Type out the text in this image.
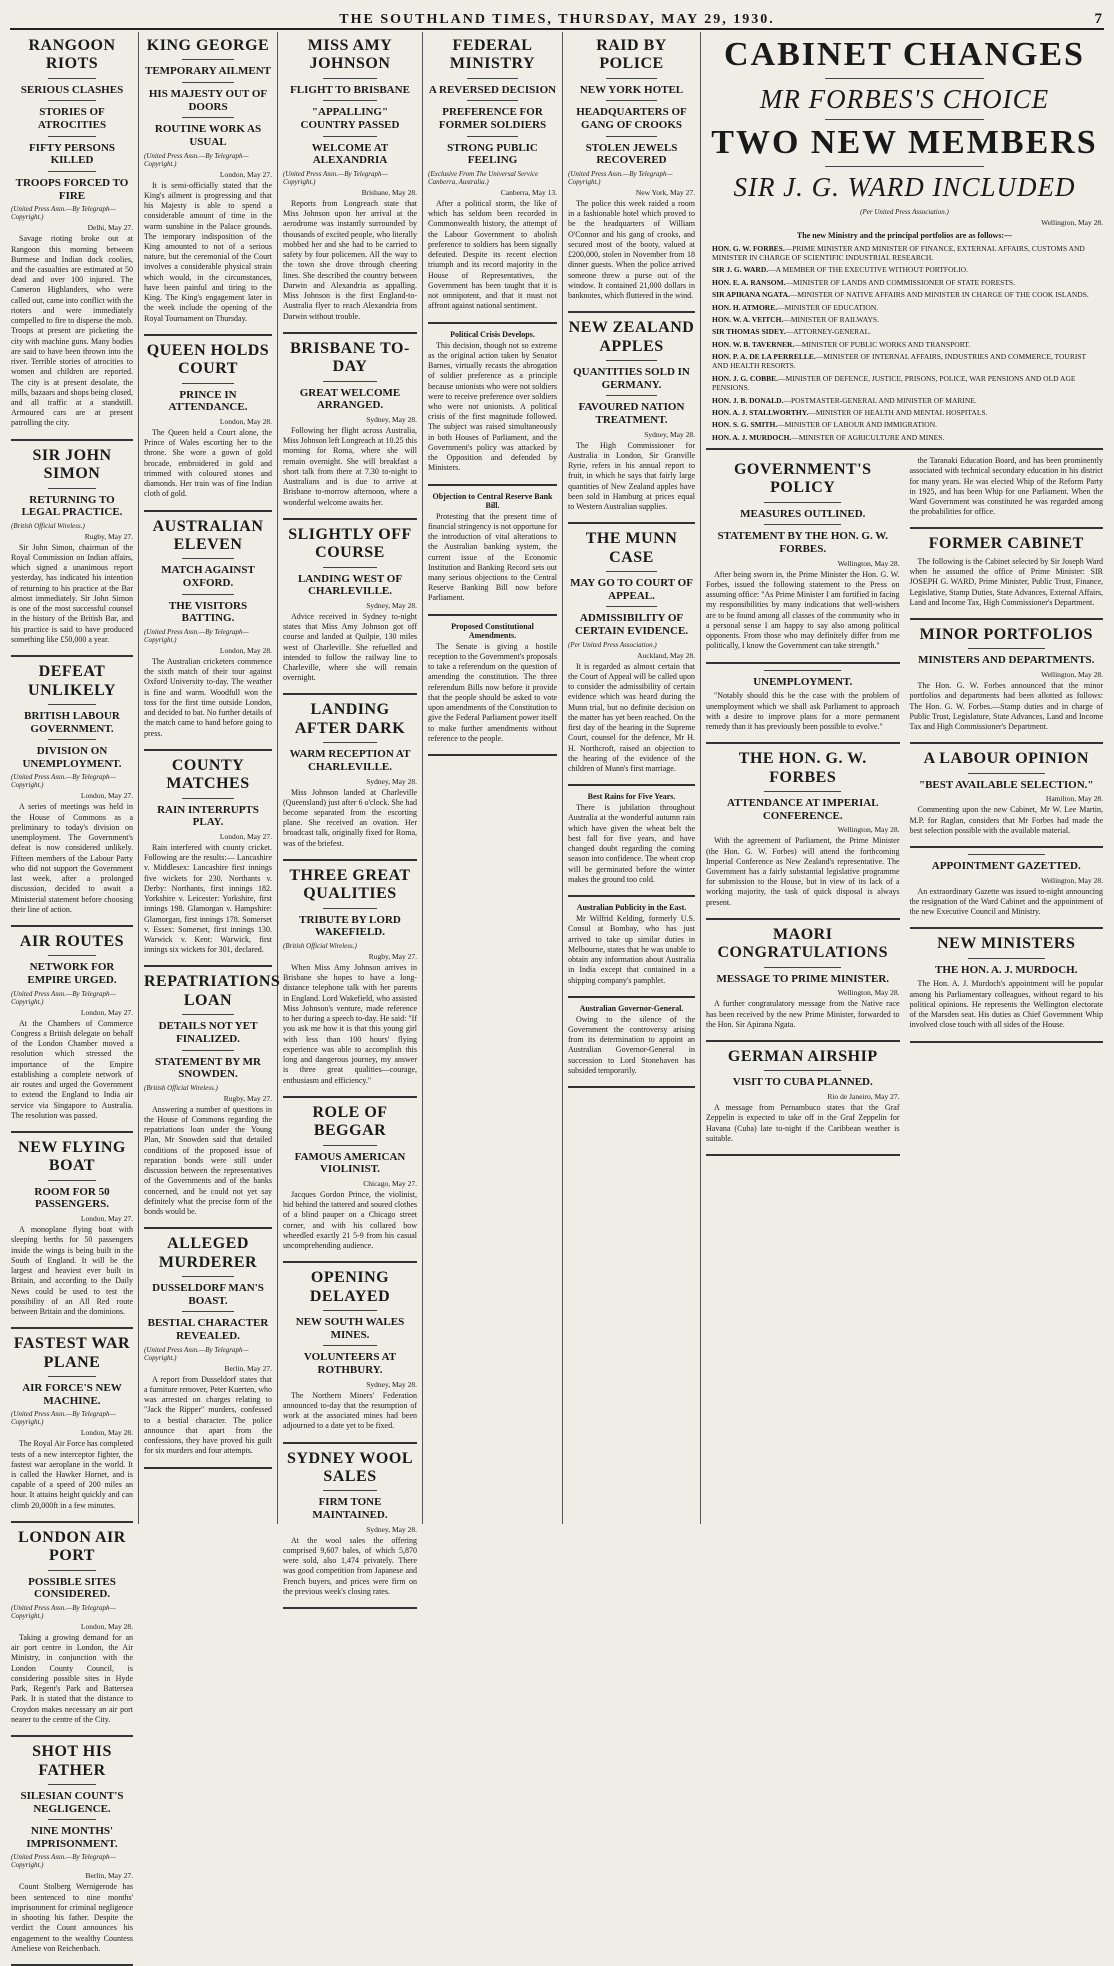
THE SOUTHLAND TIMES, THURSDAY, MAY 29, 1930.	7
RANGOON RIOTS
SERIOUS CLASHES
STORIES OF ATROCITIES
FIFTY PERSONS KILLED
TROOPS FORCED TO FIRE
(United Press Assn.—By Telegraph—Copyright.)
Delhi, May 27.

Savage rioting broke out at Rangoon this morning between Burmese and Indian dock coolies, and the casualties are estimated at 50 dead and over 100 injured. The Cameron Highlanders, who were called out, came into conflict with the rioters and were immediately compelled to fire to disperse the mob. Troops at present are picketing the city with machine guns. Many bodies are said to have been thrown into the river. Terrible stories of atrocities to women and children are reported. The city is at present desolate, the mills, bazaars and shops being closed, and all traffic at a standstill. Armoured cars are at present patrolling the city.

SIR JOHN SIMON
RETURNING TO LEGAL PRACTICE.
(British Official Wireless.)
Rugby, May 27.

Sir John Simon, chairman of the Royal Commission on Indian affairs, which signed a unanimous report yesterday, has indicated his intention of returning to his practice at the Bar almost immediately. Sir John Simon is one of the most successful counsel in the history of the British Bar, and his practice is said to have produced something like £50,000 a year.

DEFEAT UNLIKELY
BRITISH LABOUR GOVERNMENT.
DIVISION ON UNEMPLOYMENT.
(United Press Assn.—By Telegraph—Copyright.)
London, May 27.

A series of meetings was held in the House of Commons as a preliminary to today's division on unemployment. The Government's defeat is now considered unlikely. Fifteen members of the Labour Party who did not support the Government last week, after a prolonged discussion, decided to await a Ministerial statement before choosing their line of action.

AIR ROUTES
NETWORK FOR EMPIRE URGED.
(United Press Assn.—By Telegraph—Copyright.)
London, May 27.

At the Chambers of Commerce Congress a British delegate on behalf of the London Chamber moved a resolution which stressed the importance of the Empire establishing a complete network of air routes and urged the Government to extend the England to India air service via Singapore to Australia. The resolution was passed.

NEW FLYING BOAT
ROOM FOR 50 PASSENGERS.
London, May 27.

A monoplane flying boat with sleeping berths for 50 passengers inside the wings is being built in the South of England. It will be the largest and heaviest ever built in Britain, and according to the Daily News could be used to test the possibility of an All Red route between Britain and the dominions.

FASTEST WAR PLANE
AIR FORCE'S NEW MACHINE.
(United Press Assn.—By Telegraph—Copyright.)
London, May 28.

The Royal Air Force has completed tests of a new interceptor fighter, the fastest war aeroplane in the world. It is called the Hawker Hornet, and is capable of a speed of 200 miles an hour. It attains height quickly and can climb 20,000ft in a few minutes.

LONDON AIR PORT
POSSIBLE SITES CONSIDERED.
(United Press Assn.—By Telegraph—Copyright.)
London, May 28.

Taking a growing demand for an air port centre in London, the Air Ministry, in conjunction with the London County Council, is considering possible sites in Hyde Park, Regent's Park and Battersea Park. It is stated that the distance to Croydon makes necessary an air port nearer to the centre of the City.

SHOT HIS FATHER
SILESIAN COUNT'S NEGLIGENCE.
NINE MONTHS' IMPRISONMENT.
(United Press Assn.—By Telegraph—Copyright.)
Berlin, May 27.

Count Stolberg Wernigerode has been sentenced to nine months' imprisonment for criminal negligence in shooting his father. Despite the verdict the Count announces his engagement to the wealthy Countess Ameliese von Reichenbach.

KING GEORGE
TEMPORARY AILMENT
HIS MAJESTY OUT OF DOORS
ROUTINE WORK AS USUAL
(United Press Assn.—By Telegraph—Copyright.)
London, May 27.

It is semi-officially stated that the King's ailment is progressing and that his Majesty is able to spend a considerable amount of time in the warm sunshine in the Palace grounds. The temporary indisposition of the King amounted to not of a serious nature, but the ceremonial of the Court involves a considerable physical strain which would, in the circumstances, have been painful and tiring to the King. The King's engagement later in the week include the opening of the Royal Tournament on Thursday.

QUEEN HOLDS COURT
PRINCE IN ATTENDANCE.
London, May 28.

The Queen held a Court alone, the Prince of Wales escorting her to the throne. She wore a gown of gold brocade, embroidered in gold and trimmed with coloured stones and diamonds. Her train was of fine Indian cloth of gold.

AUSTRALIAN ELEVEN
MATCH AGAINST OXFORD.
THE VISITORS BATTING.
(United Press Assn.—By Telegraph—Copyright.)
London, May 28.

The Australian cricketers commence the sixth match of their tour against Oxford University to-day. The weather is fine and warm. Woodfull won the toss for the first time outside London, and decided to bat. No further details of the match came to hand before going to press.

COUNTY MATCHES
RAIN INTERRUPTS PLAY.
London, May 27.

Rain interfered with county cricket. Following are the results:— Lancashire v. Middlesex: Lancashire first innings five wickets for 230. Northants v. Derby: Northants, first innings 182. Yorkshire v. Leicester: Yorkshire, first innings 198. Glamorgan v. Hampshire: Glamorgan, first innings 178. Somerset v. Essex: Somerset, first innings 130. Warwick v. Kent: Warwick, first innings six wickets for 301, declared.

REPATRIATIONS LOAN
DETAILS NOT YET FINALIZED.
STATEMENT BY MR SNOWDEN.
(British Official Wireless.)
Rugby, May 27.

Answering a number of questions in the House of Commons regarding the repatriations loan under the Young Plan, Mr Snowden said that detailed conditions of the proposed issue of reparation bonds were still under discussion between the representatives of the Governments and of the banks concerned, and he could not yet say definitely what the precise form of the bonds would be.

ALLEGED MURDERER
DUSSELDORF MAN'S BOAST.
BESTIAL CHARACTER REVEALED.
(United Press Assn.—By Telegraph—Copyright.)
Berlin, May 27.

A report from Dusseldorf states that a furniture remover, Peter Kuerten, who was arrested on charges relating to "Jack the Ripper" murders, confessed to a bestial character. The police announce that apart from the confessions, they have proved his guilt for six murders and four attempts.

MISS AMY JOHNSON
FLIGHT TO BRISBANE
"APPALLING" COUNTRY PASSED
WELCOME AT ALEXANDRIA
(United Press Assn.—By Telegraph—Copyright.)
Brisbane, May 28.

Reports from Longreach state that Miss Johnson upon her arrival at the aerodrome was instantly surrounded by thousands of excited people, who literally mobbed her and she had to be carried to safety by four policemen. All the way to the town she drove through cheering lines. She described the country between Darwin and Alexandria as appalling. Miss Johnson is the first England-to-Australia flyer to reach Alexandria from Darwin without trouble.

BRISBANE TO-DAY
GREAT WELCOME ARRANGED.
Sydney, May 28.

Following her flight across Australia, Miss Johnson left Longreach at 10.25 this morning for Roma, where she will remain overnight. She will breakfast a short talk from there at 7.30 to-night to Australians and is due to arrive at Brisbane to-morrow afternoon, where a wonderful welcome awaits her.

SLIGHTLY OFF COURSE
LANDING WEST OF CHARLEVILLE.
Sydney, May 28.

Advice received in Sydney to-night states that Miss Amy Johnson got off course and landed at Quilpie, 130 miles west of Charleville. She refuelled and intended to follow the railway line to Charleville, where she will remain overnight.

LANDING AFTER DARK
WARM RECEPTION AT CHARLEVILLE.
Sydney, May 28.

Miss Johnson landed at Charleville (Queensland) just after 6 o'clock. She had become separated from the escorting plane. She received an ovation. Her broadcast talk, originally fixed for Roma, was of the briefest.

THREE GREAT QUALITIES
TRIBUTE BY LORD WAKEFIELD.
(British Official Wireless.)
Rugby, May 27.

When Miss Amy Johnson arrives in Brisbane she hopes to have a long-distance telephone talk with her parents in England. Lord Wakefield, who assisted Miss Johnson's venture, made reference to her during a speech to-day. He said: "If you ask me how it is that this young girl with less than 100 hours' flying experience was able to accomplish this long and dangerous journey, my answer is three great qualities—courage, enthusiasm and efficiency."

ROLE OF BEGGAR
FAMOUS AMERICAN VIOLINIST.
Chicago, May 27.

Jacques Gordon Prince, the violinist, hid behind the tattered and soured clothes of a blind pauper on a Chicago street corner, and with his collared bow wheedled exactly 21 5-9 from his casual uncomprehending audience.

OPENING DELAYED
NEW SOUTH WALES MINES.
VOLUNTEERS AT ROTHBURY.
Sydney, May 28.

The Northern Miners' Federation announced to-day that the resumption of work at the associated mines had been adjourned to a date yet to be fixed.

SYDNEY WOOL SALES
FIRM TONE MAINTAINED.
Sydney, May 28.

At the wool sales the offering comprised 9,607 bales, of which 5,870 were sold, also 1,474 privately. There was good competition from Japanese and French buyers, and prices were firm on the previous week's closing rates.

FEDERAL MINISTRY
A REVERSED DECISION
PREFERENCE FOR FORMER SOLDIERS
STRONG PUBLIC FEELING
(Exclusive From The Universal Service Canberra, Australia.)
Canberra, May 13.

After a political storm, the like of which has seldom been recorded in Commonwealth history, the attempt of the Labour Government to abolish preference to soldiers has been signally defeated. Despite its recent election triumph and its record majority in the House of Representatives, the Government has been taught that it is not omnipotent, and that it must not affront against national sentiment.

Political Crisis Develops.

This decision, though not so extreme as the original action taken by Senator Barnes, virtually recasts the abrogation of soldier preference as a principle because unionists who were not soldiers were to receive preference over soldiers who were not unionists. A political crisis of the first magnitude followed. The subject was raised simultaneously in both Houses of Parliament, and the Government's policy was attacked by the Opposition and defended by Ministers.

Objection to Central Reserve Bank Bill.

Protesting that the present time of financial stringency is not opportune for the introduction of vital alterations to the Australian banking system, the current issue of the Economic Institution and Banking Record sets out many serious objections to the Central Reserve Banking Bill now before Parliament.

Proposed Constitutional Amendments.

The Senate is giving a hostile reception to the Government's proposals to take a referendum on the question of amending the constitution. The three referendum Bills now before it provide that the people should be asked to vote upon amendments of the Constitution to give the Federal Parliament power itself to make further amendments without reference to the people.

RAID BY POLICE
NEW YORK HOTEL
HEADQUARTERS OF GANG OF CROOKS
STOLEN JEWELS RECOVERED
(United Press Assn.—By Telegraph—Copyright.)
New York, May 27.

The police this week raided a room in a fashionable hotel which proved to be the headquarters of William O'Connor and his gang of crooks, and secured most of the booty, valued at £200,000, stolen in November from 18 dinner guests. When the police arrived someone threw a purse out of the window. It contained 21,000 dollars in banknotes, which fluttered in the wind.

NEW ZEALAND APPLES
QUANTITIES SOLD IN GERMANY.
FAVOURED NATION TREATMENT.
Sydney, May 28.

The High Commissioner for Australia in London, Sir Granville Ryrie, refers in his annual report to fruit, in which he says that fairly large quantities of New Zealand apples have been sold in Hamburg at prices equal to Western Australian supplies.

THE MUNN CASE
MAY GO TO COURT OF APPEAL.
ADMISSIBILITY OF CERTAIN EVIDENCE.
(Per United Press Association.)
Auckland, May 28.

It is regarded as almost certain that the Court of Appeal will be called upon to consider the admissibility of certain evidence which was heard during the Munn trial, but no definite decision on the matter has yet been reached. On the first day of the hearing in the Supreme Court, counsel for the defence, Mr H. H. Northcroft, raised an objection to the hearing of the evidence of the children of Munn's first marriage.

Best Rains for Five Years.

There is jubilation throughout Australia at the wonderful autumn rain which have given the wheat belt the best fall for five years, and have changed doubt regarding the coming season into confidence. The wheat crop will be germinated before the winter makes the ground too cold.

Australian Publicity in the East.

Mr Wilfrid Kelding, formerly U.S. Consul at Bombay, who has just arrived to take up similar duties in Melbourne, states that he was unable to obtain any information about Australia in India except that contained in a shipping company's pamphlet.

Australian Governor-General.

Owing to the silence of the Government the controversy arising from its determination to appoint an Australian Governor-General in succession to Lord Stonehaven has subsided temporarily.

CABINET CHANGES
MR FORBES'S CHOICE
TWO NEW MEMBERS
SIR J. G. WARD INCLUDED
(Per United Press Association.)
Wellington, May 28.
The new Ministry and the principal portfolios are as follows:—
HON. G. W. FORBES.—PRIME MINISTER AND MINISTER OF FINANCE, EXTERNAL AFFAIRS, CUSTOMS AND MINISTER IN CHARGE OF SCIENTIFIC INDUSTRIAL RESEARCH.
SIR J. G. WARD.—A MEMBER OF THE EXECUTIVE WITHOUT PORTFOLIO.
HON. E. A. RANSOM.—MINISTER OF LANDS AND COMMISSIONER OF STATE FORESTS.
SIR APIRANA NGATA.—MINISTER OF NATIVE AFFAIRS AND MINISTER IN CHARGE OF THE COOK ISLANDS.
HON. H. ATMORE.—MINISTER OF EDUCATION.
HON. W. A. VEITCH.—MINISTER OF RAILWAYS.
SIR THOMAS SIDEY.—ATTORNEY-GENERAL.
HON. W. B. TAVERNER.—MINISTER OF PUBLIC WORKS AND TRANSPORT.
HON. P. A. DE LA PERRELLE.—MINISTER OF INTERNAL AFFAIRS, INDUSTRIES AND COMMERCE, TOURIST AND HEALTH RESORTS.
HON. J. G. COBBE.—MINISTER OF DEFENCE, JUSTICE, PRISONS, POLICE, WAR PENSIONS AND OLD AGE PENSIONS.
HON. J. B. DONALD.—POSTMASTER-GENERAL AND MINISTER OF MARINE.
HON. A. J. STALLWORTHY.—MINISTER OF HEALTH AND MENTAL HOSPITALS.
HON. S. G. SMITH.—MINISTER OF LABOUR AND IMMIGRATION.
HON. A. J. MURDOCH.—MINISTER OF AGRICULTURE AND MINES.
GOVERNMENT'S POLICY
MEASURES OUTLINED.
STATEMENT BY THE HON. G. W. FORBES.
Wellington, May 28.

After being sworn in, the Prime Minister the Hon. G. W. Forbes, issued the following statement to the Press on assuming office: "As Prime Minister I am fortified in facing my responsibilities by many indications that well-wishers are to be found among all classes of the community who in a personal sense I am happy to say also among political opponents. From those who may definitely differ from me politically, I know the Government can take strength."

UNEMPLOYMENT.

"Notably should this be the case with the problem of unemployment which we shall ask Parliament to approach with a desire to improve plans for a more permanent remedy than it has previously been possible to evolve."

THE HON. G. W. FORBES
ATTENDANCE AT IMPERIAL CONFERENCE.
Wellington, May 28.

With the agreement of Parliament, the Prime Minister (the Hon. G. W. Forbes) will attend the forthcoming Imperial Conference as New Zealand's representative. The Government has a fairly substantial legislative programme for submission to the House, but in view of its lack of a working majority, the task of quick disposal is always present.

MAORI CONGRATULATIONS
MESSAGE TO PRIME MINISTER.
Wellington, May 28.

A further congratulatory message from the Native race has been received by the new Prime Minister, forwarded to the Hon. Sir Apirana Ngata.

GERMAN AIRSHIP
VISIT TO CUBA PLANNED.
Rio de Janeiro, May 27.

A message from Pernambuco states that the Graf Zeppelin is expected to take off in the Graf Zeppelin for Havana (Cuba) late to-night if the Caribbean weather is suitable.

the Taranaki Education Board, and has been prominently associated with technical secondary education in his district for many years. He was elected Whip of the Reform Party in 1925, and has been Whip for one Parliament. When the Ward Government was constituted he was regarded among the probabilities for office.

FORMER CABINET

The following is the Cabinet selected by Sir Joseph Ward when he assumed the office of Prime Minister: SIR JOSEPH G. WARD, Prime Minister, Public Trust, Finance, Legislative, Stamp Duties, State Advances, External Affairs, Land and Income Tax, High Commissioner's Department.

MINOR PORTFOLIOS
MINISTERS AND DEPARTMENTS.
Wellington, May 28.

The Hon. G. W. Forbes announced that the minor portfolios and departments had been allotted as follows: The Hon. G. W. Forbes.—Stamp duties and in charge of Public Trust, Legislature, State Advances, Land and Income Tax and High Commissioner's Department.

A LABOUR OPINION
"BEST AVAILABLE SELECTION."
Hamilton, May 28.

Commenting upon the new Cabinet, Mr W. Lee Martin, M.P. for Raglan, considers that Mr Forbes had made the best selection possible with the available material.

APPOINTMENT GAZETTED.
Wellington, May 28.

An extraordinary Gazette was issued to-night announcing the resignation of the Ward Cabinet and the appointment of the new Executive Council and Ministry.

NEW MINISTERS
THE HON. A. J. MURDOCH.

The Hon. A. J. Murdoch's appointment will be popular among his Parliamentary colleagues, without regard to his political opinions. He represents the Wellington electorate of the Marsden seat. His duties as Chief Government Whip involved close touch with all sides of the House.
